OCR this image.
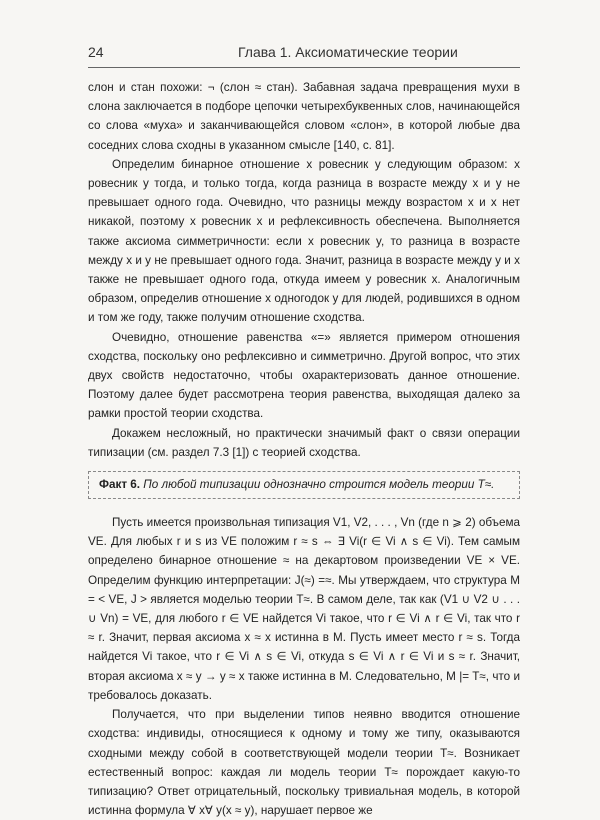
24	Глава 1. Аксиоматические теории

слон и стан похожи: ¬ (слон ≈ стан). Забавная задача превращения мухи в слона заключается в подборе цепочки четырехбуквенных слов, начинающейся со слова «муха» и заканчивающейся словом «слон», в которой любые два соседних слова сходны в указанном смысле [140, с. 81].

Определим бинарное отношение x ровесник y следующим образом: x ровесник y тогда, и только тогда, когда разница в возрасте между x и y не превышает одного года. Очевидно, что разницы между возрастом x и x нет никакой, поэтому x ровесник x и рефлексивность обеспечена. Выполняется также аксиома симметричности: если x ровесник y, то разница в возрасте между x и y не превышает одного года. Значит, разница в возрасте между y и x также не превышает одного года, откуда имеем y ровесник x. Аналогичным образом, определив отношение x одногодок y для людей, родившихся в одном и том же году, также получим отношение сходства.

Очевидно, отношение равенства «=» является примером отношения сходства, поскольку оно рефлексивно и симметрично. Другой вопрос, что этих двух свойств недостаточно, чтобы охарактеризовать данное отношение. Поэтому далее будет рассмотрена теория равенства, выходящая далеко за рамки простой теории сходства.

Докажем несложный, но практически значимый факт о связи операции типизации (см. раздел 7.3 [1]) с теорией сходства.

Факт 6. По любой типизации однозначно строится модель теории T≈.

Пусть имеется произвольная типизация V1, V2, . . . , Vn (где n ⩾ 2) объема VE. Для любых r и s из VE положим r ≈ s ⇔ ∃ Vi(r ∈ Vi ∧ s ∈ Vi). Тем самым определено бинарное отношение ≈ на декартовом произведении VE × VE. Определим функцию интерпретации: J(≈) =≈. Мы утверждаем, что структура M = < VE, J > является моделью теории T≈. В самом деле, так как (V1 ∪ V2 ∪ . . . ∪ Vn) = VE, для любого r ∈ VE найдется Vi такое, что r ∈ Vi ∧ r ∈ Vi, так что r ≈ r. Значит, первая аксиома x ≈ x истинна в M. Пусть имеет место r ≈ s. Тогда найдется Vi такое, что r ∈ Vi ∧ s ∈ Vi, откуда s ∈ Vi ∧ r ∈ Vi и s ≈ r. Значит, вторая аксиома x ≈ y → y ≈ x также истинна в M. Следовательно, M |= T≈, что и требовалось доказать.

Получается, что при выделении типов неявно вводится отношение сходства: индивиды, относящиеся к одному и тому же типу, оказываются сходными между собой в соответствующей модели теории T≈. Возникает естественный вопрос: каждая ли модель теории T≈ порождает какую-то типизацию? Ответ отрицательный, поскольку тривиальная модель, в которой истинна формула ∀ x∀ y(x ≈ y), нарушает первое же
